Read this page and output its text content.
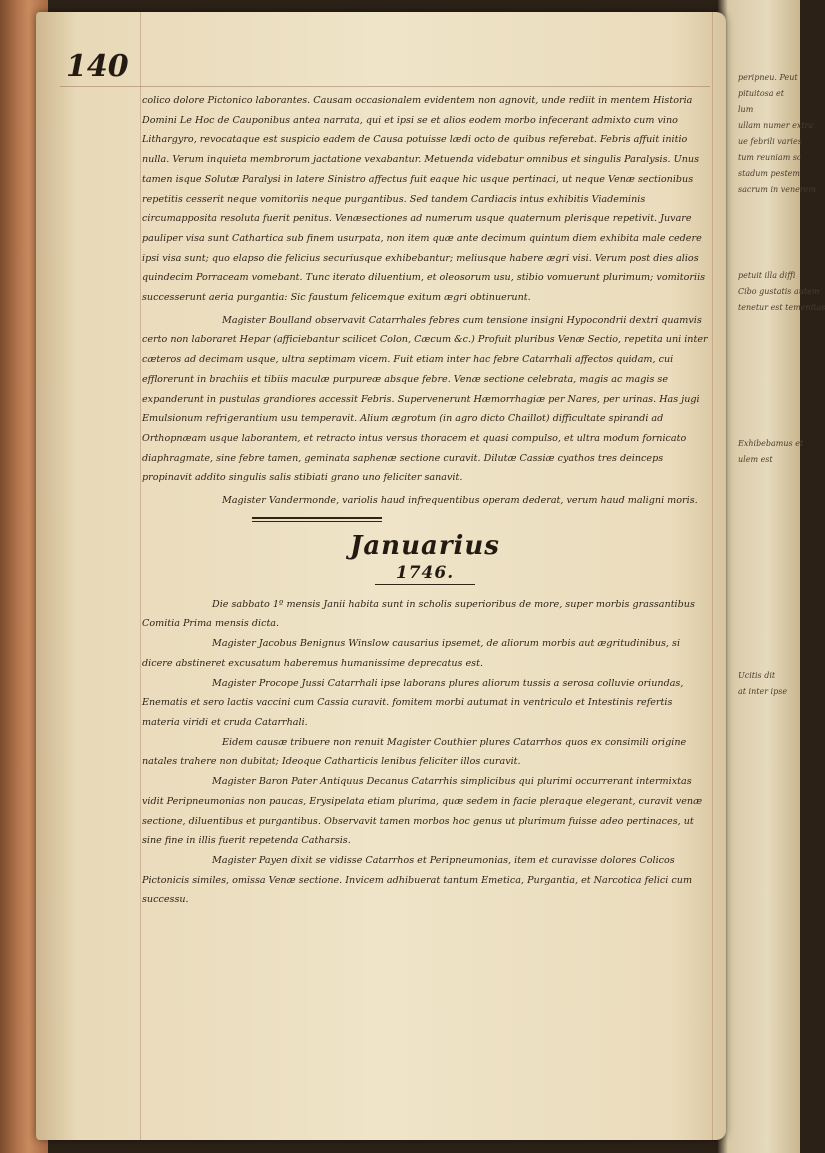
peripneu. Peut

pituitosa et

lum

ullam numer extra

ue febrili varies

tum reuniam sc

stadum pestem

sacrum in venerem

petuit illa diffi

Cibo gustatis autem

tenetur est temenitas

Exhibebamus et

ulem est

Ucitis dit

at inter ipse

140

colico dolore Pictonico laborantes. Causam occasionalem evidentem non agnovit, unde rediit in mentem Historia Domini Le Hoc de Cauponibus antea narrata, qui et ipsi se et alios eodem morbo infecerant admixto cum vino Lithargyro, revocataque est suspicio eadem de Causa potuisse lædi octo de quibus referebat. Febris affuit initio nulla. Verum inquieta membrorum jactatione vexabantur. Metuenda videbatur omnibus et singulis Paralysis. Unus tamen isque Solutæ Paralysi in latere Sinistro affectus fuit eaque hic usque pertinaci, ut neque Venæ sectionibus repetitis cesserit neque vomitoriis neque purgantibus. Sed tandem Cardiacis intus exhibitis Viademinis circumapposita resoluta fuerit penitus. Venæsectiones ad numerum usque quaternum plerisque repetivit. Juvare pauliper visa sunt Cathartica sub finem usurpata, non item quæ ante decimum quintum diem exhibita male cedere ipsi visa sunt; quo elapso die felicius securiusque exhibebantur; meliusque habere ægri visi. Verum post dies alios quindecim Porraceam vomebant. Tunc iterato diluentium, et oleosorum usu, stibio vomuerunt plurimum; vomitoriis successerunt aeria purgantia: Sic faustum felicemque exitum ægri obtinuerunt.

Magister Boulland observavit Catarrhales febres cum tensione insigni Hypocondrii dextri quamvis certo non laboraret Hepar (afficiebantur scilicet Colon, Cæcum &c.) Profuit pluribus Venæ Sectio, repetita uni inter cæteros ad decimam usque, ultra septimam vicem. Fuit etiam inter hac febre Catarrhali affectos quidam, cui efflorerunt in brachiis et tibiis maculæ purpureæ absque febre. Venæ sectione celebrata, magis ac magis se expanderunt in pustulas grandiores accessit Febris. Supervenerunt Hæmorrhagiæ per Nares, per urinas. Has jugi Emulsionum refrigerantium usu temperavit. Alium ægrotum (in agro dicto Chaillot) difficultate spirandi ad Orthopnæam usque laborantem, et retracto intus versus thoracem et quasi compulso, et ultra modum fornicato diaphragmate, sine febre tamen, geminata saphenæ sectione curavit. Dilutæ Cassiæ cyathos tres deinceps propinavit addito singulis salis stibiati grano uno feliciter sanavit.

Magister Vandermonde, variolis haud infrequentibus operam dederat, verum haud maligni moris.

Januarius
1746.

Die sabbato 1º mensis Janii habita sunt in scholis superioribus de more, super morbis grassantibus Comitia Prima mensis dicta.

Magister Jacobus Benignus Winslow causarius ipsemet, de aliorum morbis aut ægritudinibus, si dicere abstineret excusatum haberemus humanissime deprecatus est.

Magister Procope Jussi Catarrhali ipse laborans plures aliorum tussis a serosa colluvie oriundas, Enematis et sero lactis vaccini cum Cassia curavit. fomitem morbi autumat in ventriculo et Intestinis refertis materia viridi et cruda Catarrhali.

Eidem causæ tribuere non renuit Magister Couthier plures Catarrhos quos ex consimili origine natales trahere non dubitat; Ideoque Catharticis lenibus feliciter illos curavit.

Magister Baron Pater Antiquus Decanus Catarrhis simplicibus qui plurimi occurrerant intermixtas vidit Peripneumonias non paucas, Erysipelata etiam plurima, quæ sedem in facie pleraque elegerant, curavit venæ sectione, diluentibus et purgantibus. Observavit tamen morbos hoc genus ut plurimum fuisse adeo pertinaces, ut sine fine in illis fuerit repetenda Catharsis.

Magister Payen dixit se vidisse Catarrhos et Peripneumonias, item et curavisse dolores Colicos Pictonicis similes, omissa Venæ sectione. Invicem adhibuerat tantum Emetica, Purgantia, et Narcotica felici cum successu.
